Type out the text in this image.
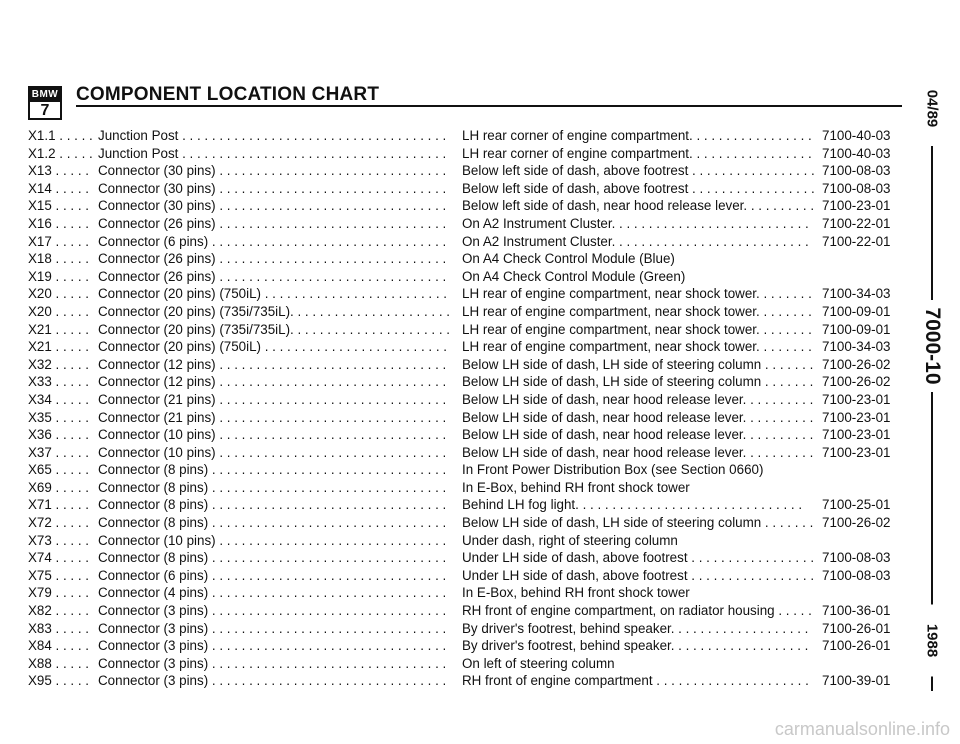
BMW
7
COMPONENT LOCATION CHART
X1.1 . . . . . Junction Post . . . . . . . . . . . . . . . . . . . . . . . . . . . . . . . . . . . .	LH rear corner of engine compartment. . . . . . . . . . . . . . . . . 7100-40-03
X1.2 . . . . . Junction Post . . . . . . . . . . . . . . . . . . . . . . . . . . . . . . . . . . . .	LH rear corner of engine compartment. . . . . . . . . . . . . . . . . 7100-40-03
X13 . . . . . Connector (30 pins) . . . . . . . . . . . . . . . . . . . . . . . . . . . . . . .	Below left side of dash, above footrest . . . . . . . . . . . . . . . . . 7100-08-03
X14 . . . . . Connector (30 pins) . . . . . . . . . . . . . . . . . . . . . . . . . . . . . . .	Below left side of dash, above footrest . . . . . . . . . . . . . . . . . 7100-08-03
X15 . . . . . Connector (30 pins) . . . . . . . . . . . . . . . . . . . . . . . . . . . . . . .	Below left side of dash, near hood release lever. . . . . . . . . . 7100-23-01
X16 . . . . . Connector (26 pins) . . . . . . . . . . . . . . . . . . . . . . . . . . . . . . .	On A2 Instrument Cluster. . . . . . . . . . . . . . . . . . . . . . . . . . . 7100-22-01
X17 . . . . . Connector (6 pins) . . . . . . . . . . . . . . . . . . . . . . . . . . . . . . . .	On A2 Instrument Cluster. . . . . . . . . . . . . . . . . . . . . . . . . . . 7100-22-01
X18 . . . . . Connector (26 pins) . . . . . . . . . . . . . . . . . . . . . . . . . . . . . . .	On A4 Check Control Module (Blue)
X19 . . . . . Connector (26 pins) . . . . . . . . . . . . . . . . . . . . . . . . . . . . . . .	On A4 Check Control Module (Green)
X20 . . . . . Connector (20 pins) (750iL) . . . . . . . . . . . . . . . . . . . . . . . . .	LH rear of engine compartment, near shock tower. . . . . . . . 7100-34-03
X20 . . . . . Connector (20 pins) (735i/735iL). . . . . . . . . . . . . . . . . . . . . . LH rear of engine compartment, near shock tower. . . . . . . . 7100-09-01
X21 . . . . . Connector (20 pins) (735i/735iL). . . . . . . . . . . . . . . . . . . . . . LH rear of engine compartment, near shock tower. . . . . . . . 7100-09-01
X21 . . . . . Connector (20 pins) (750iL) . . . . . . . . . . . . . . . . . . . . . . . . .	LH rear of engine compartment, near shock tower. . . . . . . . 7100-34-03
X32 . . . . . Connector (12 pins) . . . . . . . . . . . . . . . . . . . . . . . . . . . . . . .	Below LH side of dash, LH side of steering column . . . . . . . 7100-26-02
X33 . . . . . Connector (12 pins) . . . . . . . . . . . . . . . . . . . . . . . . . . . . . . .	Below LH side of dash, LH side of steering column . . . . . . . 7100-26-02
X34 . . . . . Connector (21 pins) . . . . . . . . . . . . . . . . . . . . . . . . . . . . . . .	Below LH side of dash, near hood release lever. . . . . . . . . . 7100-23-01
X35 . . . . . Connector (21 pins) . . . . . . . . . . . . . . . . . . . . . . . . . . . . . . .	Below LH side of dash, near hood release lever. . . . . . . . . . 7100-23-01
X36 . . . . . Connector (10 pins) . . . . . . . . . . . . . . . . . . . . . . . . . . . . . . .	Below LH side of dash, near hood release lever. . . . . . . . . . 7100-23-01
X37 . . . . . Connector (10 pins) . . . . . . . . . . . . . . . . . . . . . . . . . . . . . . .	Below LH side of dash, near hood release lever. . . . . . . . . . 7100-23-01
X65 . . . . . Connector (8 pins) . . . . . . . . . . . . . . . . . . . . . . . . . . . . . . . .	In Front Power Distribution Box (see Section 0660)
X69 . . . . . Connector (8 pins) . . . . . . . . . . . . . . . . . . . . . . . . . . . . . . . .	In E-Box, behind RH front shock tower
X71 . . . . . Connector (8 pins) . . . . . . . . . . . . . . . . . . . . . . . . . . . . . . . .	Behind LH fog light. . . . . . . . . . . . . . . . . . . . . . . . . . . . . . .	7100-25-01
X72 . . . . . Connector (8 pins) . . . . . . . . . . . . . . . . . . . . . . . . . . . . . . . .	Below LH side of dash, LH side of steering column . . . . . . . 7100-26-02
X73 . . . . . Connector (10 pins) . . . . . . . . . . . . . . . . . . . . . . . . . . . . . . .	Under dash, right of steering column
X74 . . . . . Connector (8 pins) . . . . . . . . . . . . . . . . . . . . . . . . . . . . . . . .	Under LH side of dash, above footrest . . . . . . . . . . . . . . . . . 7100-08-03
X75 . . . . . Connector (6 pins) . . . . . . . . . . . . . . . . . . . . . . . . . . . . . . . .	Under LH side of dash, above footrest . . . . . . . . . . . . . . . . . 7100-08-03
X79 . . . . . Connector (4 pins) . . . . . . . . . . . . . . . . . . . . . . . . . . . . . . . .	In E-Box, behind RH front shock tower
X82 . . . . . Connector (3 pins) . . . . . . . . . . . . . . . . . . . . . . . . . . . . . . . .	RH front of engine compartment, on radiator housing . . . . . 7100-36-01
X83 . . . . . Connector (3 pins) . . . . . . . . . . . . . . . . . . . . . . . . . . . . . . . .	By driver's footrest, behind speaker. . . . . . . . . . . . . . . . . . .	7100-26-01
X84 . . . . . Connector (3 pins) . . . . . . . . . . . . . . . . . . . . . . . . . . . . . . . .	By driver's footrest, behind speaker. . . . . . . . . . . . . . . . . . .	7100-26-01
X88 . . . . . Connector (3 pins) . . . . . . . . . . . . . . . . . . . . . . . . . . . . . . . .	On left of steering column
X95 . . . . . Connector (3 pins) . . . . . . . . . . . . . . . . . . . . . . . . . . . . . . . .	RH front of engine compartment . . . . . . . . . . . . . . . . . . . . . 7100-39-01
04/89
7000-10
1988
carmanualsonline.info
